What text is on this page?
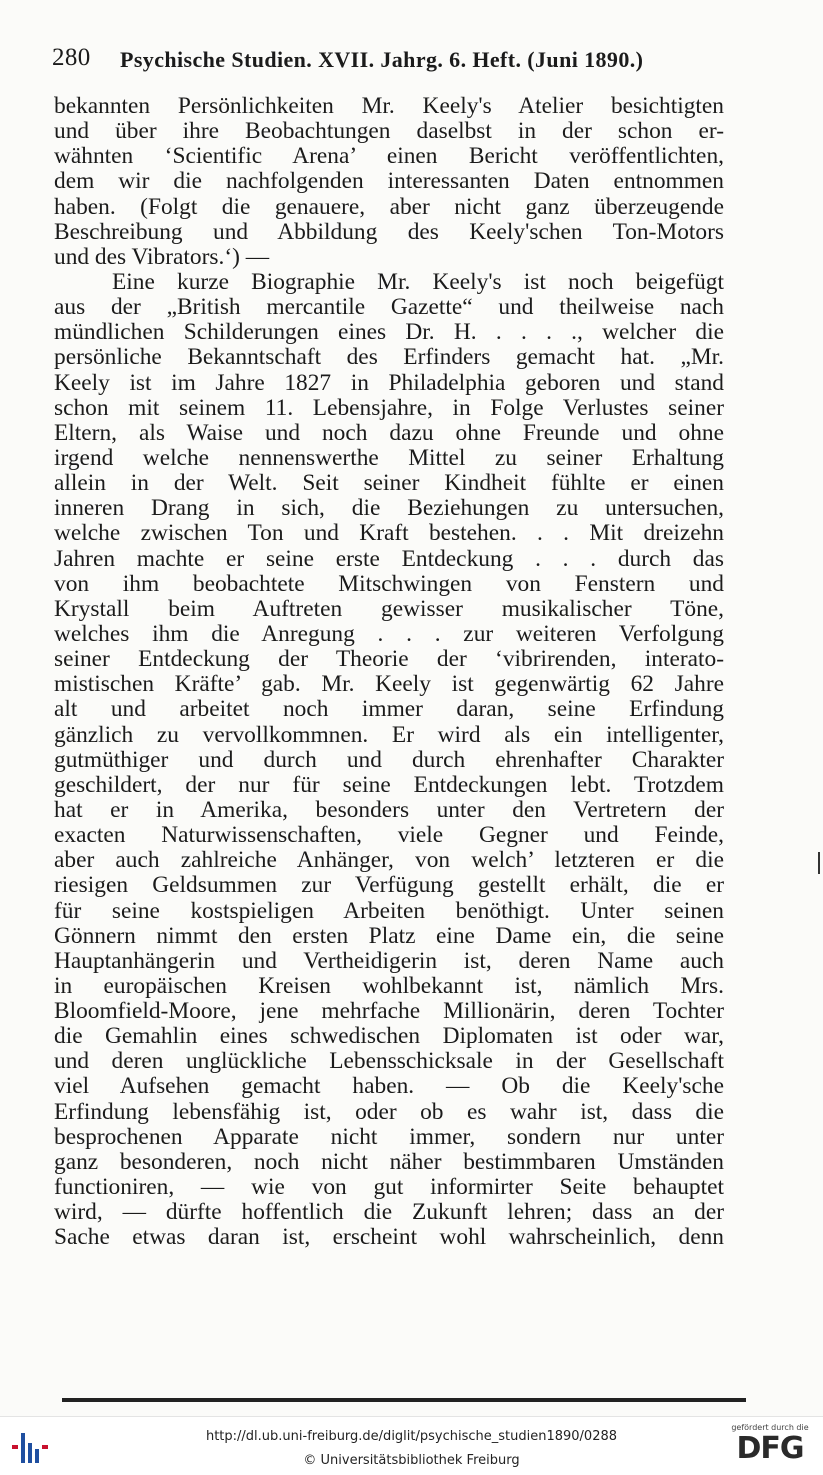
280 Psychische Studien. XVII. Jahrg. 6. Heft. (Juni 1890.)
bekannten Persönlichkeiten Mr. Keely's Atelier besichtigten
und über ihre Beobachtungen daselbst in der schon er-
wähnten ‘Scientific Arena’ einen Bericht veröffentlichten,
dem wir die nachfolgenden interessanten Daten entnommen
haben. (Folgt die genauere, aber nicht ganz überzeugende
Beschreibung und Abbildung des Keely'schen Ton-Motors
und des Vibrators.‘) —
Eine kurze Biographie Mr. Keely's ist noch beigefügt
aus der „British mercantile Gazette“ und theilweise nach
mündlichen Schilderungen eines Dr. H. . . . ., welcher die
persönliche Bekanntschaft des Erfinders gemacht hat. „Mr.
Keely ist im Jahre 1827 in Philadelphia geboren und stand
schon mit seinem 11. Lebensjahre, in Folge Verlustes seiner
Eltern, als Waise und noch dazu ohne Freunde und ohne
irgend welche nennenswerthe Mittel zu seiner Erhaltung
allein in der Welt. Seit seiner Kindheit fühlte er einen
inneren Drang in sich, die Beziehungen zu untersuchen,
welche zwischen Ton und Kraft bestehen. . . Mit dreizehn
Jahren machte er seine erste Entdeckung . . . durch das
von ihm beobachtete Mitschwingen von Fenstern und
Krystall beim Auftreten gewisser musikalischer Töne,
welches ihm die Anregung . . . zur weiteren Verfolgung
seiner Entdeckung der Theorie der ‘vibrirenden, interato-
mistischen Kräfte’ gab. Mr. Keely ist gegenwärtig 62 Jahre
alt und arbeitet noch immer daran, seine Erfindung
gänzlich zu vervollkommnen. Er wird als ein intelligenter,
gutmüthiger und durch und durch ehrenhafter Charakter
geschildert, der nur für seine Entdeckungen lebt. Trotzdem
hat er in Amerika, besonders unter den Vertretern der
exacten Naturwissenschaften, viele Gegner und Feinde,
aber auch zahlreiche Anhänger, von welch’ letzteren er die
riesigen Geldsummen zur Verfügung gestellt erhält, die er
für seine kostspieligen Arbeiten benöthigt. Unter seinen
Gönnern nimmt den ersten Platz eine Dame ein, die seine
Hauptanhängerin und Vertheidigerin ist, deren Name auch
in europäischen Kreisen wohlbekannt ist, nämlich Mrs.
Bloomfield-Moore, jene mehrfache Millionärin, deren Tochter
die Gemahlin eines schwedischen Diplomaten ist oder war,
und deren unglückliche Lebensschicksale in der Gesellschaft
viel Aufsehen gemacht haben. — Ob die Keely'sche
Erfindung lebensfähig ist, oder ob es wahr ist, dass die
besprochenen Apparate nicht immer, sondern nur unter
ganz besonderen, noch nicht näher bestimmbaren Umständen
functioniren, — wie von gut informirter Seite behauptet
wird, — dürfte hoffentlich die Zukunft lehren; dass an der
Sache etwas daran ist, erscheint wohl wahrscheinlich, denn
http://dl.ub.uni-freiburg.de/diglit/psychische_studien1890/0288
© Universitätsbibliothek Freiburg
gefördert durch die
DFG
